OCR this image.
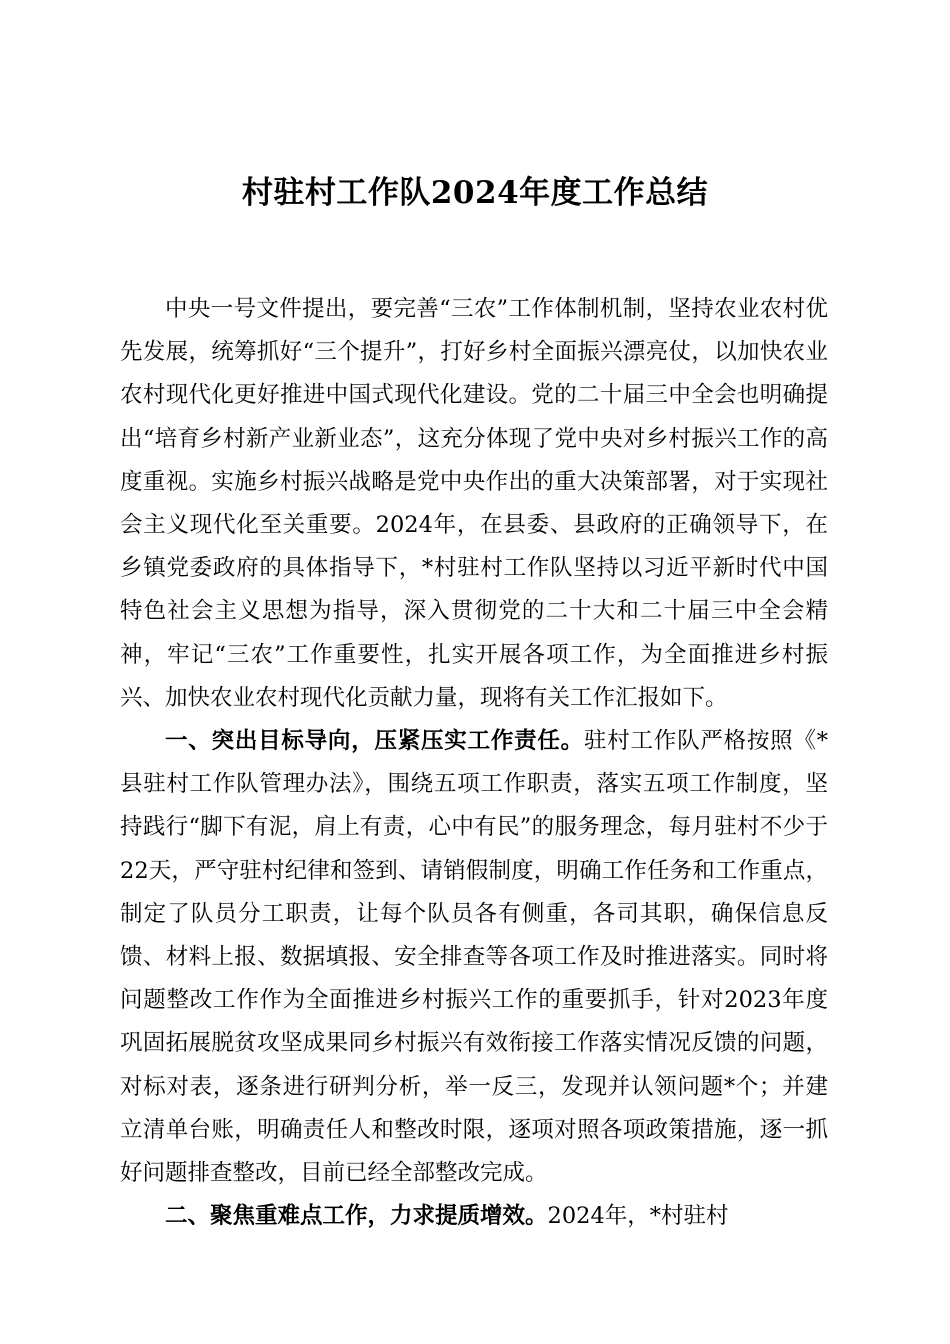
村驻村工作队2024年度工作总结

中央一号文件提出，要完善“三农”工作体制机制，坚持农业农村优先发展，统筹抓好“三个提升”，打好乡村全面振兴漂亮仗，以加快农业农村现代化更好推进中国式现代化建设。党的二十届三中全会也明确提出“培育乡村新产业新业态”，这充分体现了党中央对乡村振兴工作的高度重视。实施乡村振兴战略是党中央作出的重大决策部署，对于实现社会主义现代化至关重要。2024年，在县委、县政府的正确领导下，在乡镇党委政府的具体指导下，*村驻村工作队坚持以习近平新时代中国特色社会主义思想为指导，深入贯彻党的二十大和二十届三中全会精神，牢记“三农”工作重要性，扎实开展各项工作，为全面推进乡村振兴、加快农业农村现代化贡献力量，现将有关工作汇报如下。

一、突出目标导向，压紧压实工作责任。驻村工作队严格按照《*县驻村工作队管理办法》，围绕五项工作职责，落实五项工作制度，坚持践行“脚下有泥，肩上有责，心中有民”的服务理念，每月驻村不少于22天，严守驻村纪律和签到、请销假制度，明确工作任务和工作重点，制定了队员分工职责，让每个队员各有侧重，各司其职，确保信息反馈、材料上报、数据填报、安全排查等各项工作及时推进落实。同时将问题整改工作作为全面推进乡村振兴工作的重要抓手，针对2023年度巩固拓展脱贫攻坚成果同乡村振兴有效衔接工作落实情况反馈的问题，对标对表，逐条进行研判分析，举一反三，发现并认领问题*个；并建立清单台账，明确责任人和整改时限，逐项对照各项政策措施，逐一抓好问题排查整改，目前已经全部整改完成。

二、聚焦重难点工作，力求提质增效。2024年，*村驻村
